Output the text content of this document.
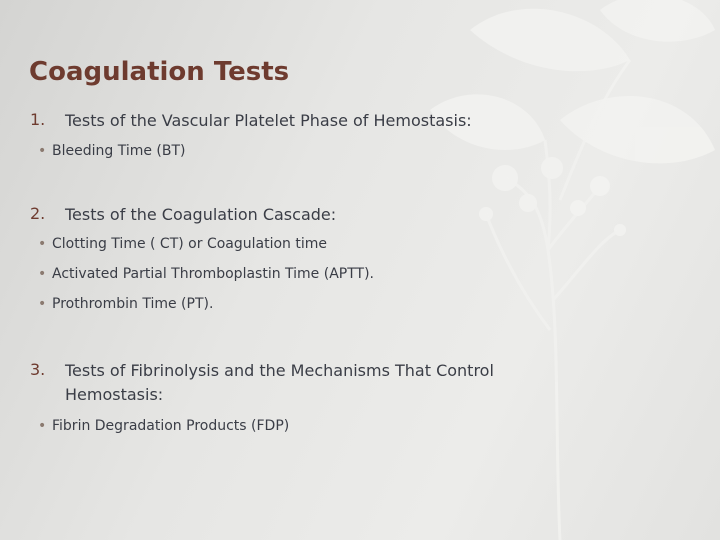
Coagulation Tests
1. Tests of the Vascular Platelet Phase of Hemostasis:
• Bleeding Time (BT)
2. Tests of the Coagulation Cascade:
• Clotting Time ( CT) or Coagulation time
• Activated Partial Thromboplastin Time (APTT).
• Prothrombin Time (PT).
3. Tests of Fibrinolysis and the Mechanisms That Control
Hemostasis:
• Fibrin Degradation Products (FDP)
